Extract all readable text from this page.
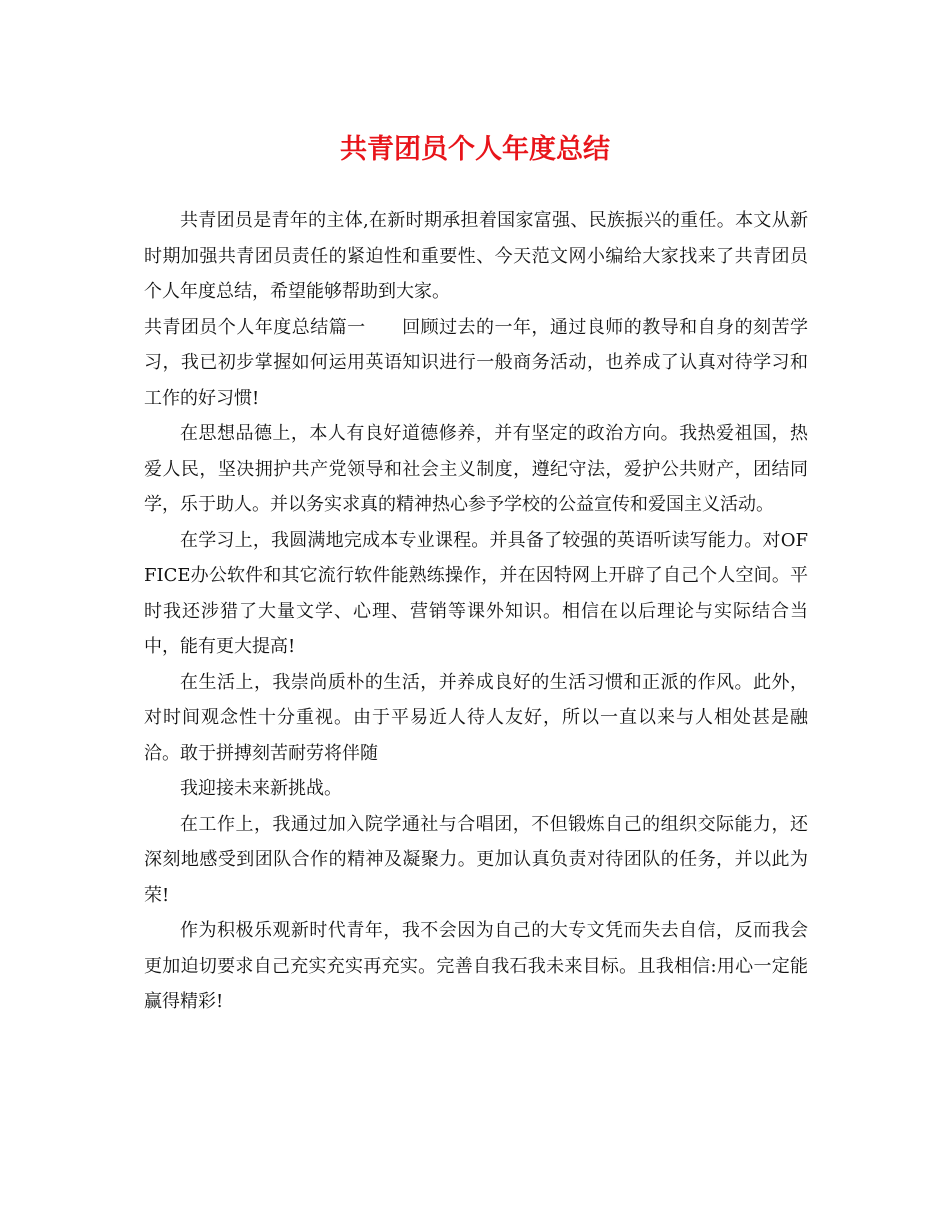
共青团员个人年度总结

共青团员是青年的主体,在新时期承担着国家富强、民族振兴的重任。本文从新时期加强共青团员责任的紧迫性和重要性、今天范文网小编给大家找来了共青团员个人年度总结，希望能够帮助到大家。

共青团员个人年度总结篇一 回顾过去的一年，通过良师的教导和自身的刻苦学习，我已初步掌握如何运用英语知识进行一般商务活动，也养成了认真对待学习和工作的好习惯!

在思想品德上，本人有良好道德修养，并有坚定的政治方向。我热爱祖国，热爱人民，坚决拥护共产党领导和社会主义制度，遵纪守法，爱护公共财产，团结同学，乐于助人。并以务实求真的精神热心参予学校的公益宣传和爱国主义活动。

在学习上，我圆满地完成本专业课程。并具备了较强的英语听读写能力。对OFFICE办公软件和其它流行软件能熟练操作，并在因特网上开辟了自己个人空间。平时我还涉猎了大量文学、心理、营销等课外知识。相信在以后理论与实际结合当中，能有更大提高!

在生活上，我崇尚质朴的生活，并养成良好的生活习惯和正派的作风。此外，对时间观念性十分重视。由于平易近人待人友好，所以一直以来与人相处甚是融洽。敢于拼搏刻苦耐劳将伴随

我迎接未来新挑战。

在工作上，我通过加入院学通社与合唱团，不但锻炼自己的组织交际能力，还深刻地感受到团队合作的精神及凝聚力。更加认真负责对待团队的任务，并以此为荣!

作为积极乐观新时代青年，我不会因为自己的大专文凭而失去自信，反而我会更加迫切要求自己充实充实再充实。完善自我石我未来目标。且我相信:用心一定能赢得精彩!
